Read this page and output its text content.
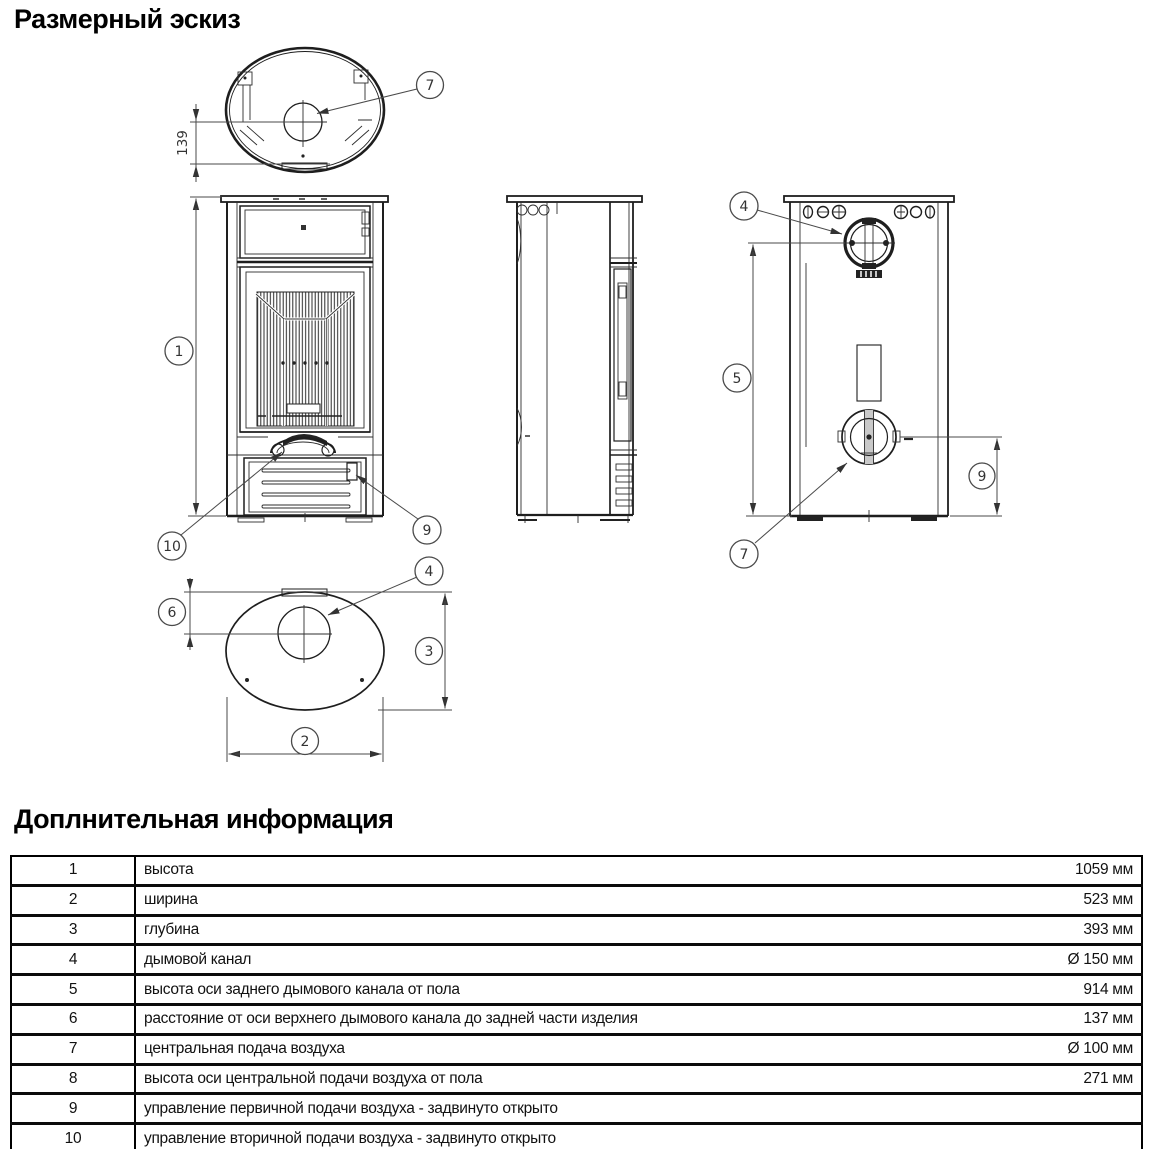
Размерный эскиз
139
7
1
10
9
4
5
9
7
4
6
3
2
Доплнительная информация
1	высота	1059 мм
2	ширина	523 мм
3	глубина	393 мм
4	дымовой канал	Ø 150 мм
5	высота оси заднего дымового канала от пола	914 мм
6	расстояние от оси верхнего дымового канала до задней части изделия	137 мм
7	центральная подача воздуха	Ø 100 мм
8	высота оси центральной подачи воздуха от пола	271 мм
9	управление первичной подачи воздуха - задвинуто открыто	
10	управление вторичной подачи воздуха - задвинуто открыто	
